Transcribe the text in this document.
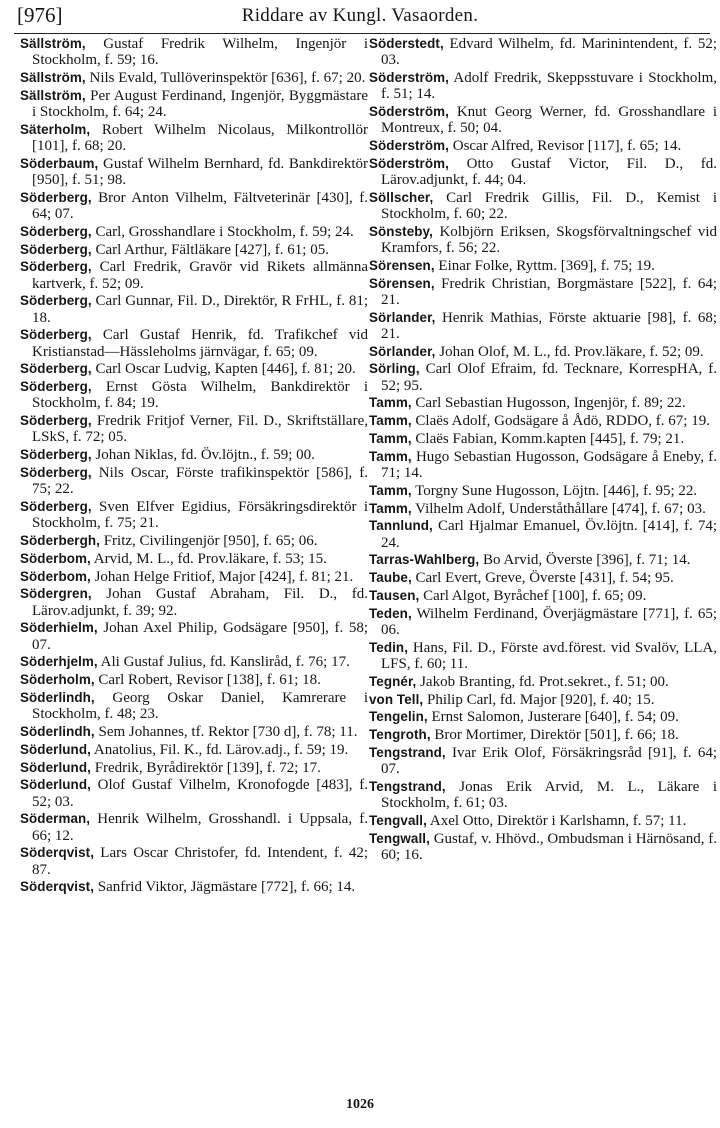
[976]	Riddare av Kungl. Vasaorden.
Sällström, Gustaf Fredrik Wilhelm, Ingenjör i Stockholm, f. 59; 16.
Sällström, Nils Evald, Tullöverinspektör [636], f. 67; 20.
Sällström, Per August Ferdinand, Ingenjör, Byggmästare i Stockholm, f. 64; 24.
Säterholm, Robert Wilhelm Nicolaus, Milkontrollör [101], f. 68; 20.
Söderbaum, Gustaf Wilhelm Bernhard, fd. Bankdirektör [950], f. 51; 98.
Söderberg, Bror Anton Vilhelm, Fältveterinär [430], f. 64; 07.
Söderberg, Carl, Grosshandlare i Stockholm, f. 59; 24.
Söderberg, Carl Arthur, Fältläkare [427], f. 61; 05.
Söderberg, Carl Fredrik, Gravör vid Rikets allmänna kartverk, f. 52; 09.
Söderberg, Carl Gunnar, Fil. D., Direktör, R FrHL, f. 81; 18.
Söderberg, Carl Gustaf Henrik, fd. Trafikchef vid Kristianstad—Hässleholms järnvägar, f. 65; 09.
Söderberg, Carl Oscar Ludvig, Kapten [446], f. 81; 20.
Söderberg, Ernst Gösta Wilhelm, Bankdirektör i Stockholm, f. 84; 19.
Söderberg, Fredrik Fritjof Verner, Fil. D., Skriftställare, LSkS, f. 72; 05.
Söderberg, Johan Niklas, fd. Öv.löjtn., f. 59; 00.
Söderberg, Nils Oscar, Förste trafikinspektör [586], f. 75; 22.
Söderberg, Sven Elfver Egidius, Försäkringsdirektör i Stockholm, f. 75; 21.
Söderbergh, Fritz, Civilingenjör [950], f. 65; 06.
Söderbom, Arvid, M. L., fd. Prov.läkare, f. 53; 15.
Söderbom, Johan Helge Fritiof, Major [424], f. 81; 21.
Södergren, Johan Gustaf Abraham, Fil. D., fd. Lärov.adjunkt, f. 39; 92.
Söderhielm, Johan Axel Philip, Godsägare [950], f. 58; 07.
Söderhjelm, Ali Gustaf Julius, fd. Kansliråd, f. 76; 17.
Söderholm, Carl Robert, Revisor [138], f. 61; 18.
Söderlindh, Georg Oskar Daniel, Kamrerare i Stockholm, f. 48; 23.
Söderlindh, Sem Johannes, tf. Rektor [730 d], f. 78; 11.
Söderlund, Anatolius, Fil. K., fd. Lärov.adj., f. 59; 19.
Söderlund, Fredrik, Byrådirektör [139], f. 72; 17.
Söderlund, Olof Gustaf Vilhelm, Kronofogde [483], f. 52; 03.
Söderman, Henrik Wilhelm, Grosshandl. i Uppsala, f. 66; 12.
Söderqvist, Lars Oscar Christofer, fd. Intendent, f. 42; 87.
Söderqvist, Sanfrid Viktor, Jägmästare [772], f. 66; 14.
Söderstedt, Edvard Wilhelm, fd. Marinintendent, f. 52; 03.
Söderström, Adolf Fredrik, Skeppsstuvare i Stockholm, f. 51; 14.
Söderström, Knut Georg Werner, fd. Grosshandlare i Montreux, f. 50; 04.
Söderström, Oscar Alfred, Revisor [117], f. 65; 14.
Söderström, Otto Gustaf Victor, Fil. D., fd. Lärov.adjunkt, f. 44; 04.
Söllscher, Carl Fredrik Gillis, Fil. D., Kemist i Stockholm, f. 60; 22.
Sönsteby, Kolbjörn Eriksen, Skogsförvaltningschef vid Kramfors, f. 56; 22.
Sörensen, Einar Folke, Ryttm. [369], f. 75; 19.
Sörensen, Fredrik Christian, Borgmästare [522], f. 64; 21.
Sörlander, Henrik Mathias, Förste aktuarie [98], f. 68; 21.
Sörlander, Johan Olof, M. L., fd. Prov.läkare, f. 52; 09.
Sörling, Carl Olof Efraim, fd. Tecknare, KorrespHA, f. 52; 95.
Tamm, Carl Sebastian Hugosson, Ingenjör, f. 89; 22.
Tamm, Claës Adolf, Godsägare å Ådö, RDDO, f. 67; 19.
Tamm, Claës Fabian, Komm.kapten [445], f. 79; 21.
Tamm, Hugo Sebastian Hugosson, Godsägare å Eneby, f. 71; 14.
Tamm, Torgny Sune Hugosson, Löjtn. [446], f. 95; 22.
Tamm, Vilhelm Adolf, Underståthållare [474], f. 67; 03.
Tannlund, Carl Hjalmar Emanuel, Öv.löjtn. [414], f. 74; 24.
Tarras-Wahlberg, Bo Arvid, Överste [396], f. 71; 14.
Taube, Carl Evert, Greve, Överste [431], f. 54; 95.
Tausen, Carl Algot, Byråchef [100], f. 65; 09.
Teden, Wilhelm Ferdinand, Överjägmästare [771], f. 65; 06.
Tedin, Hans, Fil. D., Förste avd.förest. vid Svalöv, LLA, LFS, f. 60; 11.
Tegnér, Jakob Branting, fd. Prot.sekret., f. 51; 00.
von Tell, Philip Carl, fd. Major [920], f. 40; 15.
Tengelin, Ernst Salomon, Justerare [640], f. 54; 09.
Tengroth, Bror Mortimer, Direktör [501], f. 66; 18.
Tengstrand, Ivar Erik Olof, Försäkringsråd [91], f. 64; 07.
Tengstrand, Jonas Erik Arvid, M. L., Läkare i Stockholm, f. 61; 03.
Tengvall, Axel Otto, Direktör i Karlshamn, f. 57; 11.
Tengwall, Gustaf, v. Hhövd., Ombudsman i Härnösand, f. 60; 16.
1026
